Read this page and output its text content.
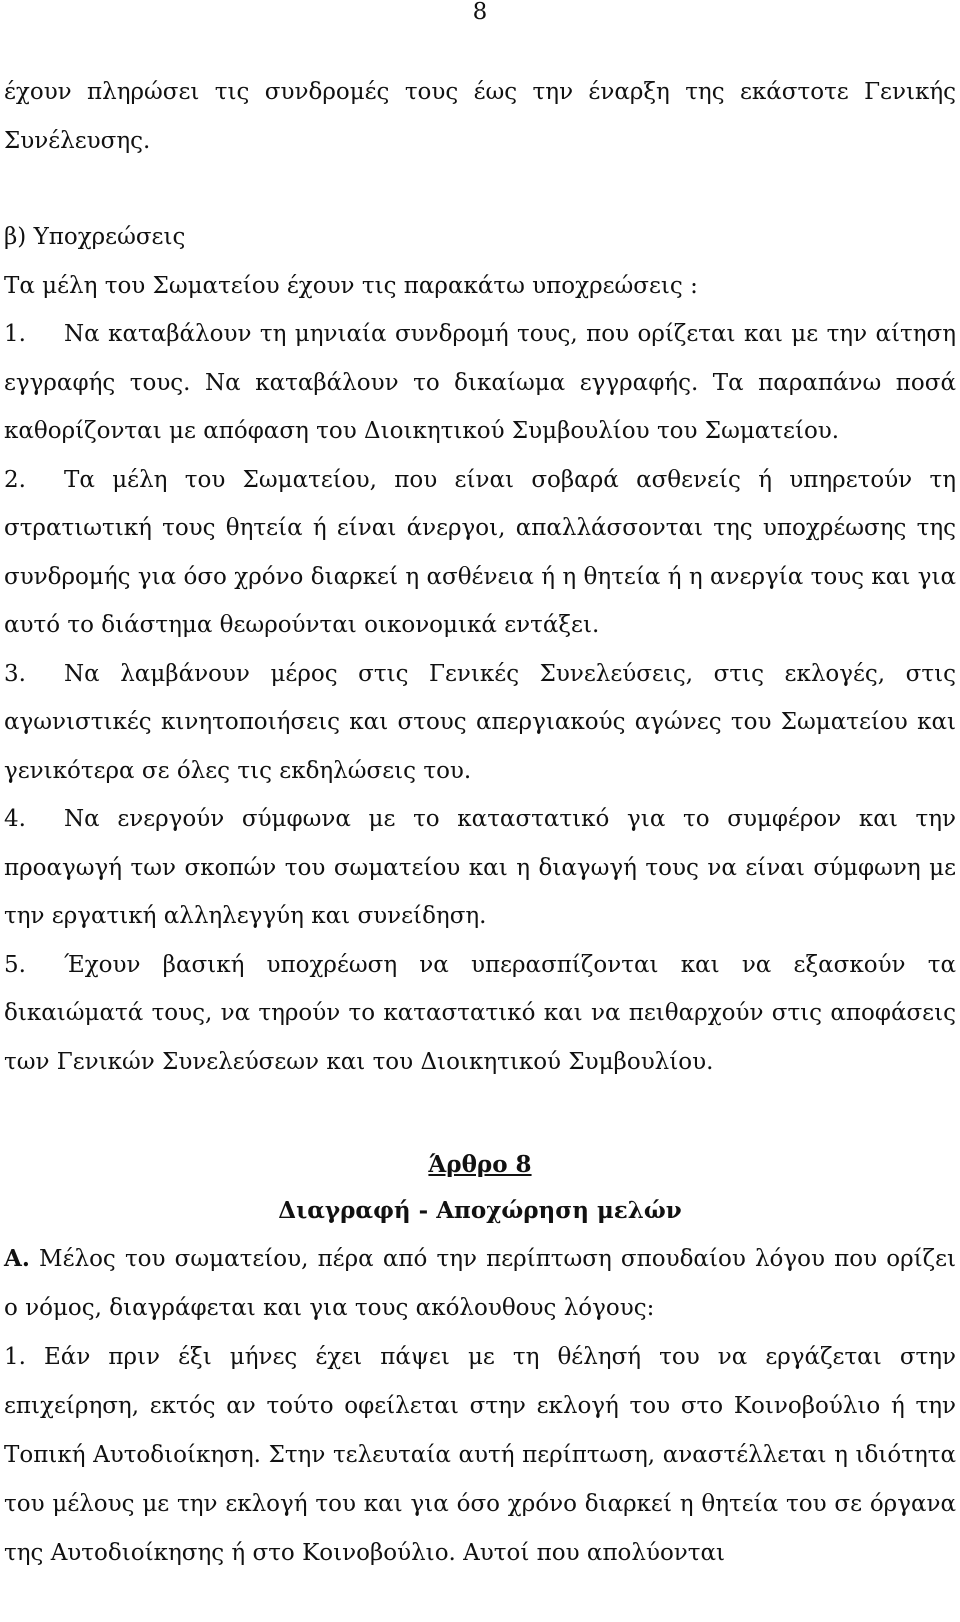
8

έχουν πληρώσει τις συνδρομές τους έως την έναρξη της εκάστοτε Γενικής Συνέλευσης.

β) Υποχρεώσεις

Τα μέλη του Σωματείου έχουν τις παρακάτω υποχρεώσεις :

1. Να καταβάλουν τη μηνιαία συνδρομή τους, που ορίζεται και με την αίτηση εγγραφής τους. Να καταβάλουν το δικαίωμα εγγραφής. Τα παραπάνω ποσά καθορίζονται με απόφαση του Διοικητικού Συμβουλίου του Σωματείου.

2. Τα μέλη του Σωματείου, που είναι σοβαρά ασθενείς ή υπηρετούν τη στρατιωτική τους θητεία ή είναι άνεργοι, απαλλάσσονται της υποχρέωσης της συνδρομής για όσο χρόνο διαρκεί η ασθένεια ή η θητεία ή η ανεργία τους και για αυτό το διάστημα θεωρούνται οικονομικά εντάξει.

3. Να λαμβάνουν μέρος στις Γενικές Συνελεύσεις, στις εκλογές, στις αγωνιστικές κινητοποιήσεις και στους απεργιακούς αγώνες του Σωματείου και γενικότερα σε όλες τις εκδηλώσεις του.

4. Να ενεργούν σύμφωνα με το καταστατικό για το συμφέρον και την προαγωγή των σκοπών του σωματείου και η διαγωγή τους να είναι σύμφωνη με την εργατική αλληλεγγύη και συνείδηση.

5. Έχουν βασική υποχρέωση να υπερασπίζονται και να εξασκούν τα δικαιώματά τους, να τηρούν το καταστατικό και να πειθαρχούν στις αποφάσεις των Γενικών Συνελεύσεων και του Διοικητικού Συμβουλίου.

Άρθρο 8

Διαγραφή - Αποχώρηση μελών

Α. Μέλος του σωματείου, πέρα από την περίπτωση σπουδαίου λόγου που ορίζει ο νόμος, διαγράφεται και για τους ακόλουθους λόγους:

1. Εάν πριν έξι μήνες έχει πάψει με τη θέλησή του να εργάζεται στην επιχείρηση, εκτός αν τούτο οφείλεται στην εκλογή του στο Κοινοβούλιο ή την Τοπική Αυτοδιοίκηση. Στην τελευταία αυτή περίπτωση, αναστέλλεται η ιδιότητα του μέλους με την εκλογή του και για όσο χρόνο διαρκεί η θητεία του σε όργανα της Αυτοδιοίκησης ή στο Κοινοβούλιο. Αυτοί που απολύονται
